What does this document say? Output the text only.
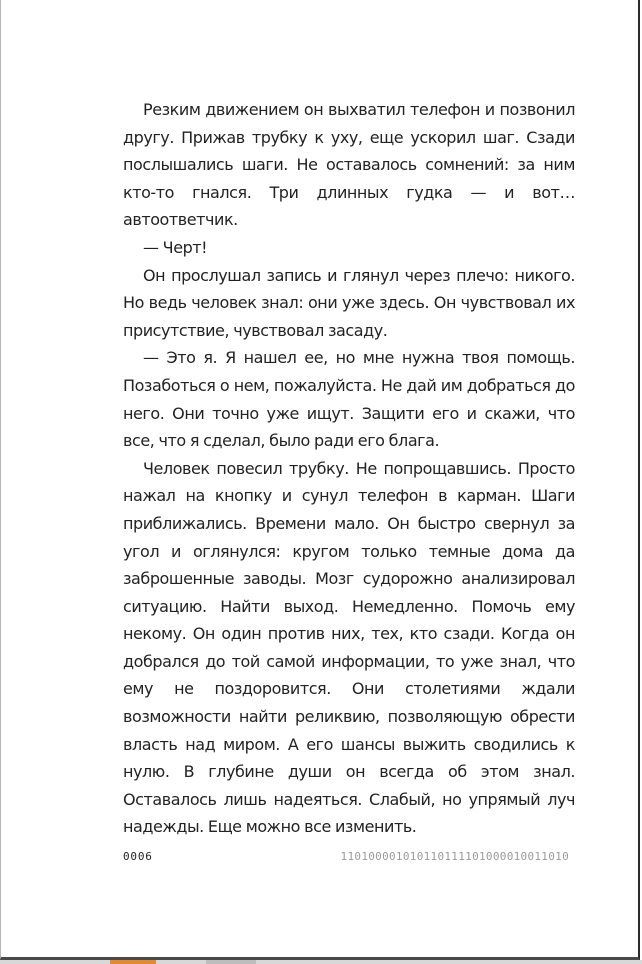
Резким движением он выхватил телефон и позвонил другу. Прижав трубку к уху, еще ускорил шаг. Сзади послышались шаги. Не оставалось сомнений: за ним кто-то гнался. Три длинных гудка — и вот… автоответчик.

— Черт!

Он прослушал запись и глянул через плечо: никого. Но ведь человек знал: они уже здесь. Он чувствовал их присутствие, чувствовал засаду.

— Это я. Я нашел ее, но мне нужна твоя помощь. Позаботься о нем, пожалуйста. Не дай им добраться до него. Они точно уже ищут. Защити его и скажи, что все, что я сделал, было ради его блага.

Человек повесил трубку. Не попрощавшись. Просто нажал на кнопку и сунул телефон в карман. Шаги приближались. Времени мало. Он быстро свернул за угол и оглянулся: кругом только темные дома да заброшенные заводы. Мозг судорожно анализировал ситуацию. Найти выход. Немедленно. Помочь ему некому. Он один против них, тех, кто сзади. Когда он добрался до той самой информации, то уже знал, что ему не поздоровится. Они столетиями ждали возможности найти реликвию, позволяющую обрести власть над миром. А его шансы выжить сводились к нулю. В глубине души он всегда об этом знал. Оставалось лишь надеяться. Слабый, но упрямый луч надежды. Еще можно все изменить.

0006	110100001010110111101000010011010
